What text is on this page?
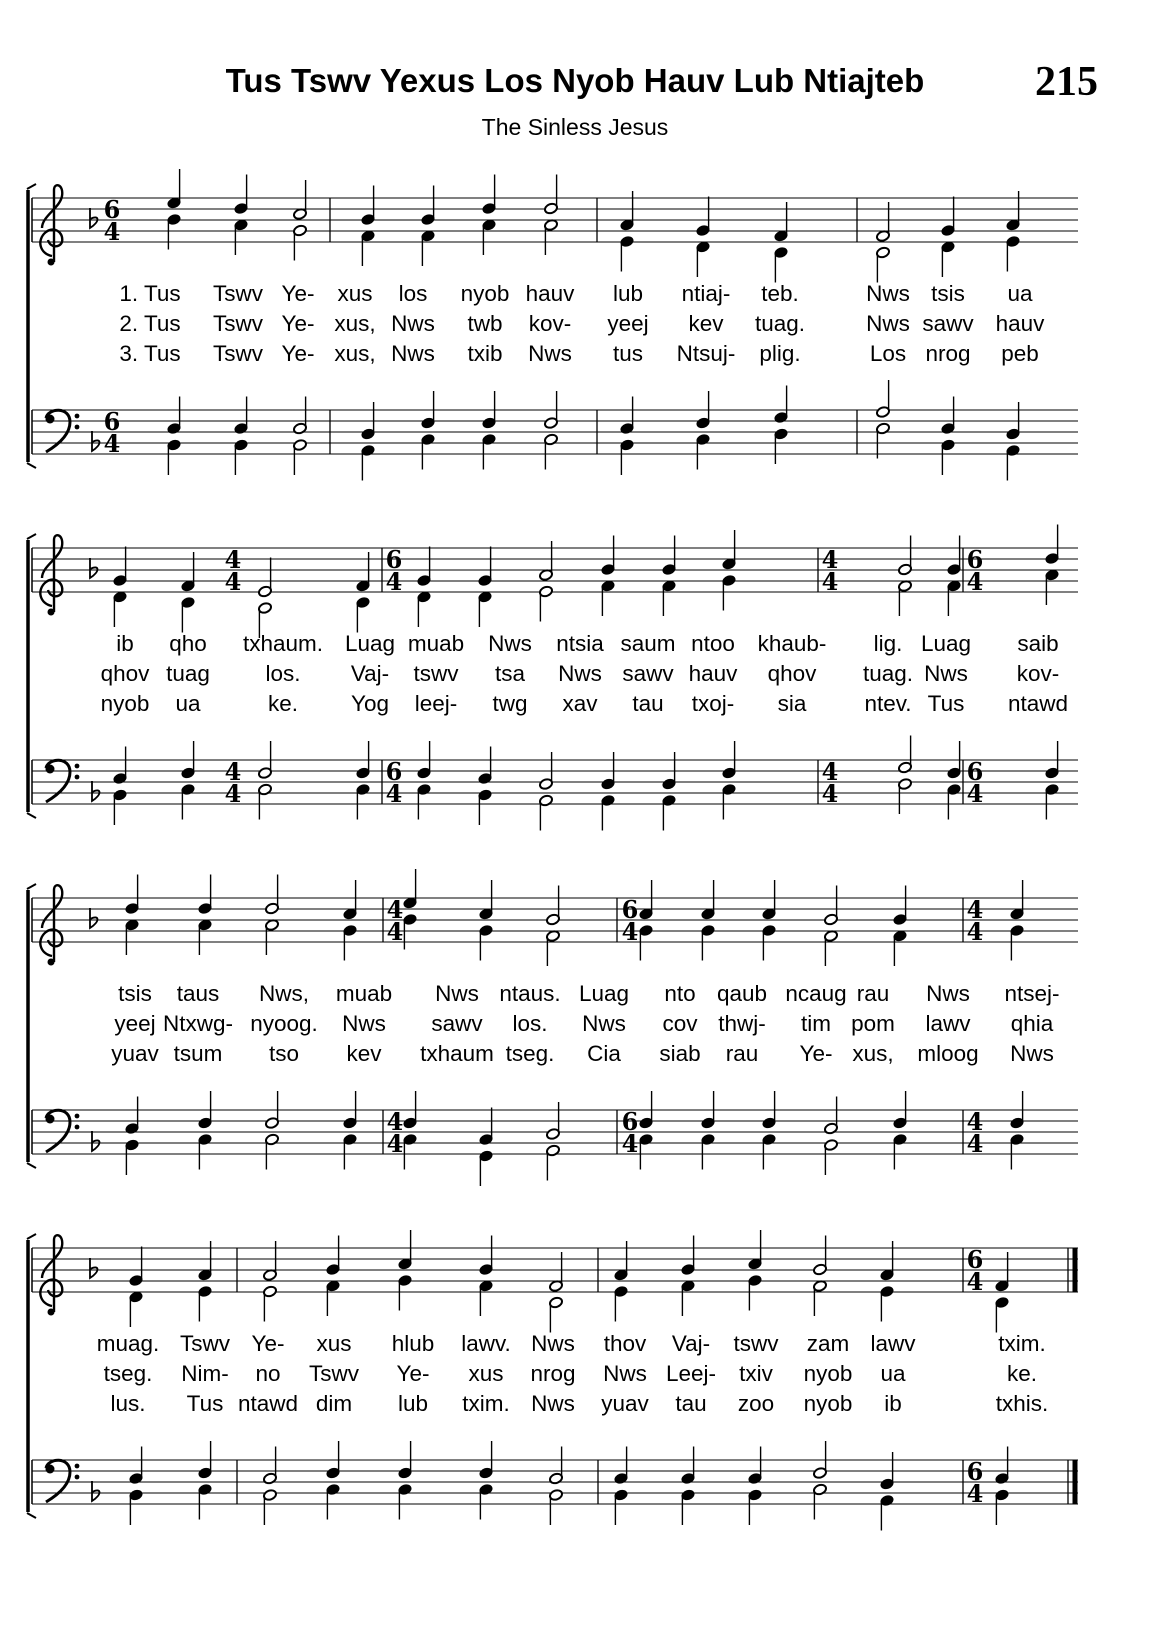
Tus Tswv Yexus Los Nyob Hauv Lub Ntiajteb	215
The Sinless Jesus
6
4
6
4
1. Tus Tswv Ye- xus los nyob hauv lub ntiaj- teb.	Nws tsis ua
2. Tus Tswv Ye- xus, Nws twb kov- yeej kev tuag.	Nws sawv hauv
3. Tus Tswv Ye- xus, Nws txib Nws tus Ntsuj- plig.	Los nrog peb
4
4
4
4
6
4
6
4
4
4
4
4
6
4
6
4
ib qho txhaum. Luag muab Nws ntsia saum ntoo khaub- lig. Luag saib
qhov tuag los. Vaj- tswv tsa Nws sawv hauv qhov tuag. Nws kov-
nyob ua	ke. Yog leej- twg xav tau txoj- sia	ntev. Tus ntawd
4
4
4
4
6
4
6
4
4
4
4
4
tsis taus Nws, muab Nws ntaus. Luag nto qaub ncaug rau Nws ntsej-
yeej Ntxwg- nyoog. Nws sawv los. Nws cov thwj- tim pom lawv qhia
yuav tsum tso kev txhaum tseg. Cia siab rau Ye- xus, mloog Nws
6
4
6
4
muag. Tswv Ye- xus hlub lawv. Nws thov Vaj- tswv zam lawv	txim.
tseg. Nim- no Tswv Ye- xus nrog Nws Leej- txiv nyob ua	ke.
lus. Tus ntawd dim lub txim. Nws yuav tau zoo nyob ib	txhis.
